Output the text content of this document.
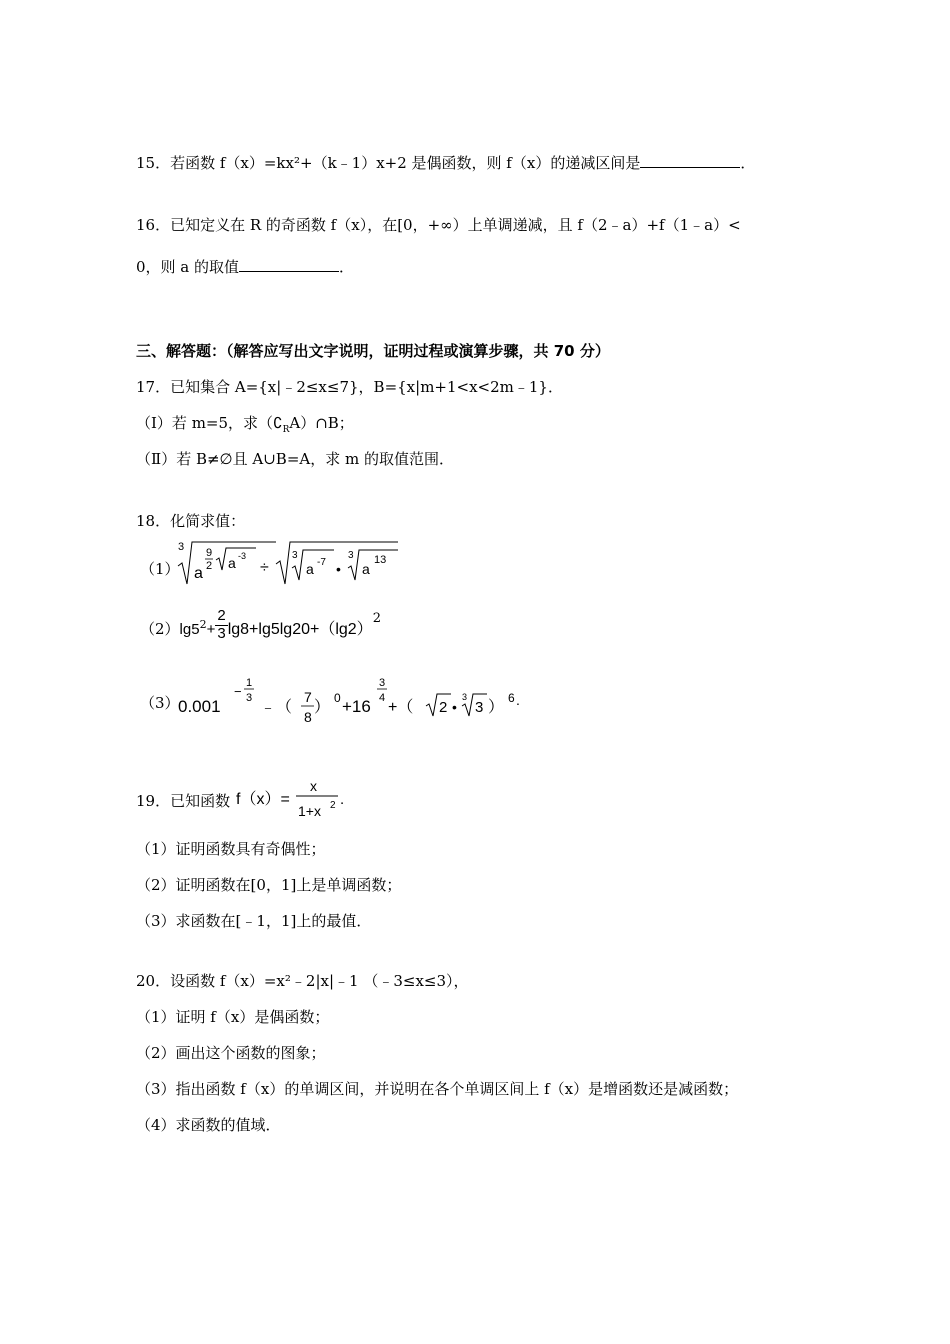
15．若函数 f（x）=kx²+（k﹣1）x+2 是偶函数，则 f（x）的递减区间是	．
16．已知定义在 R 的奇函数 f（x），在[0，+∞）上单调递减，且 f（2﹣a）+f（1﹣a）<
0，则 a 的取值	．
三、解答题：（解答应写出文字说明，证明过程或演算步骤，共 70 分）
17．已知集合 A={x|﹣2≤x≤7}，B={x|m+1<x<2m﹣1}．
（Ⅰ）若 m=5，求$(∁_RA)\cap B$；
（Ⅱ）若 B≠∅且 A∪B=A，求 m 的取值范围．
18．化简求值：
（1）
3
a
9
2 a -3
÷
3
a -7 •
3
a
13
$(2)\lg 5^2+ \frac{2}{3} \lg 8+\lg 5\lg 20+(\lg 2)^2$
（3）
0.001
−
1
3
﹣（
7
8
）
0 +16
3
4
+（ 2 •
3
3 ）
6 .
19．已知函数 f（x）=
x
1+x 2 .
（1）证明函数具有奇偶性；
（2）证明函数在[0，1]上是单调函数；
（3）求函数在[﹣1，1]上的最值．
20．设函数 f（x）=x²﹣2|x|﹣1 （﹣3≤x≤3），
（1）证明 f（x）是偶函数；
（2）画出这个函数的图象；
（3）指出函数 f（x）的单调区间，并说明在各个单调区间上 f（x）是增函数还是减函数；
（4）求函数的值域．
